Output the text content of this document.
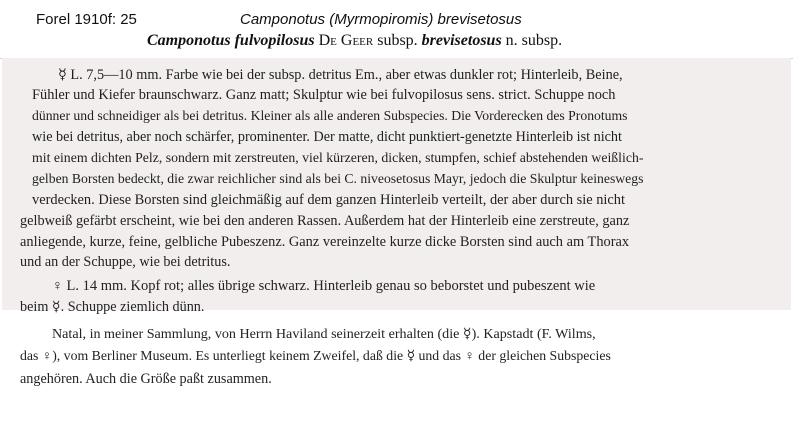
Forel 1910f: 25	Camponotus (Myrmopiromis) brevisetosus
Camponotus fulvopilosus De Geer subsp. brevisetosus n. subsp.
☿ L. 7,5—10 mm. Farbe wie bei der subsp. detritus Em., aber etwas dunkler rot; Hinterleib, Beine,
Fühler und Kiefer braunschwarz. Ganz matt; Skulptur wie bei fulvopilosus sens. strict. Schuppe noch
dünner und schneidiger als bei detritus. Kleiner als alle anderen Subspecies. Die Vorderecken des Pronotums
wie bei detritus, aber noch schärfer, prominenter. Der matte, dicht punktiert-genetzte Hinterleib ist nicht
mit einem dichten Pelz, sondern mit zerstreuten, viel kürzeren, dicken, stumpfen, schief abstehenden weißlich-
gelben Borsten bedeckt, die zwar reichlicher sind als bei C. niveosetosus Mayr, jedoch die Skulptur keineswegs
verdecken. Diese Borsten sind gleichmäßig auf dem ganzen Hinterleib verteilt, der aber durch sie nicht
gelbweiß gefärbt erscheint, wie bei den anderen Rassen. Außerdem hat der Hinterleib eine zerstreute, ganz
anliegende, kurze, feine, gelbliche Pubeszenz. Ganz vereinzelte kurze dicke Borsten sind auch am Thorax
und an der Schuppe, wie bei detritus.
♀ L. 14 mm. Kopf rot; alles übrige schwarz. Hinterleib genau so beborstet und pubeszent wie
beim ☿. Schuppe ziemlich dünn.
Natal, in meiner Sammlung, von Herrn Haviland seinerzeit erhalten (die ☿). Kapstadt (F. Wilms,
das ♀), vom Berliner Museum. Es unterliegt keinem Zweifel, daß die ☿ und das ♀ der gleichen Subspecies
angehören. Auch die Größe paßt zusammen.
